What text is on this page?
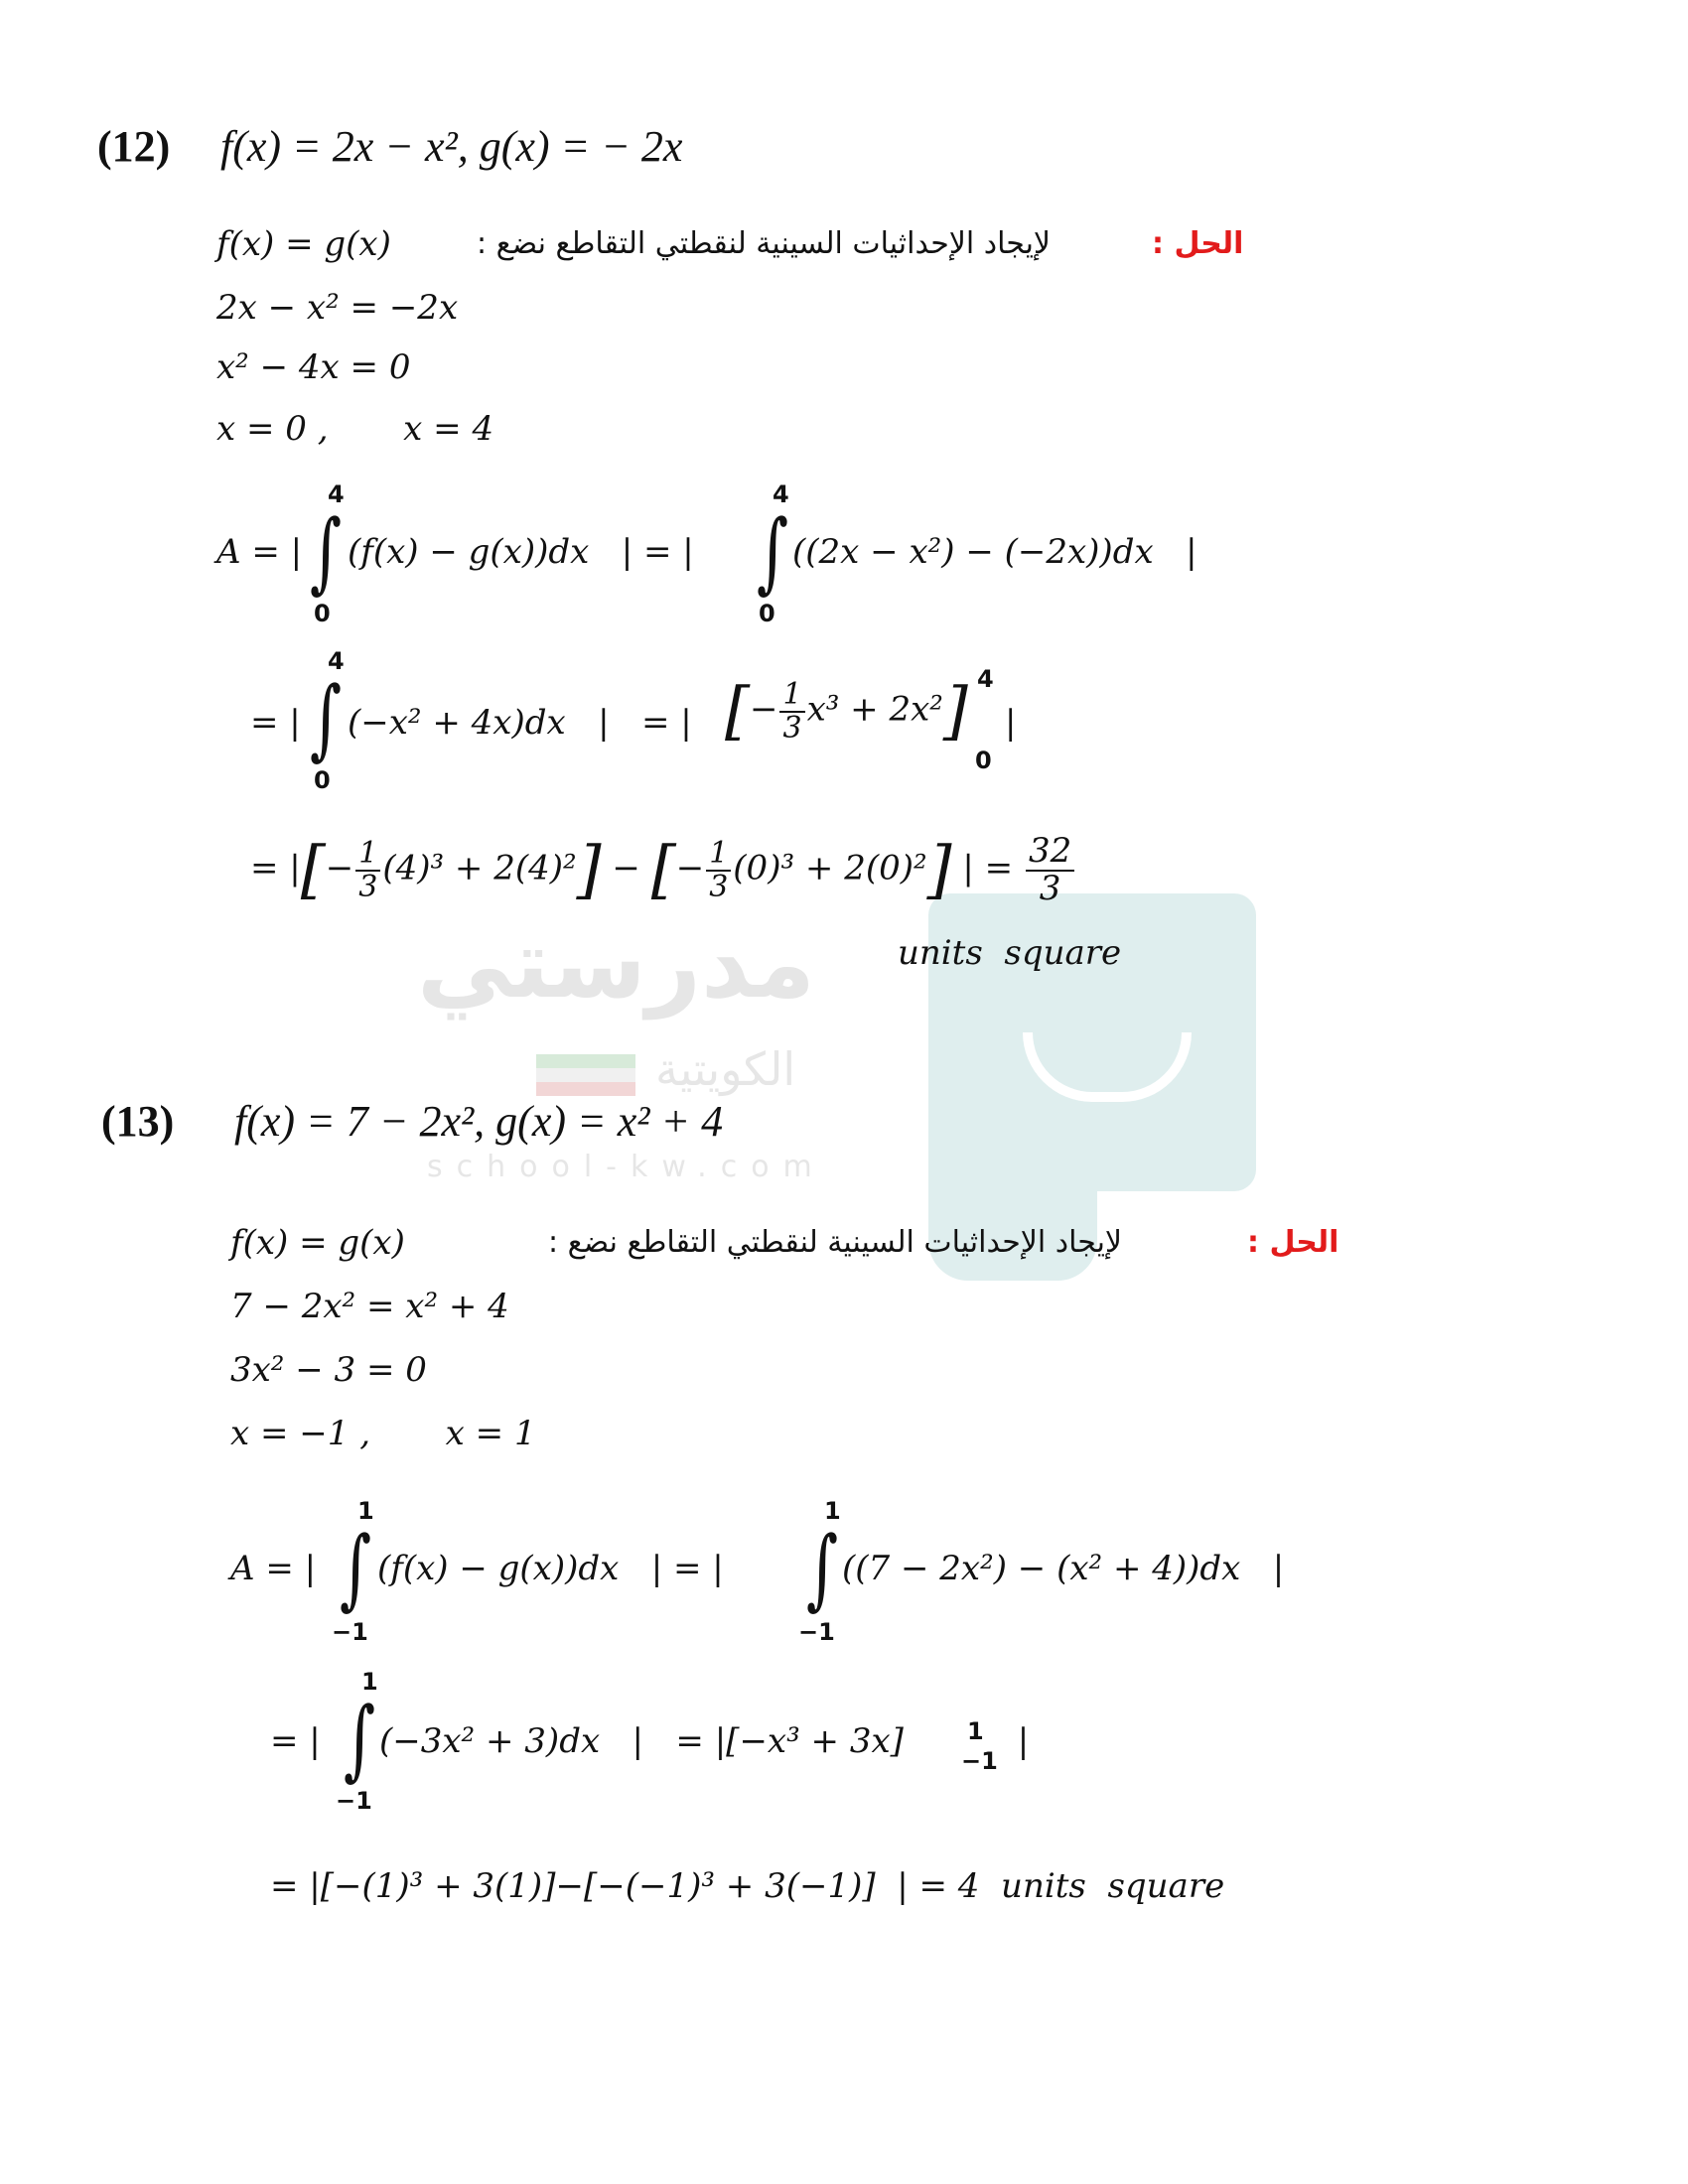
مدرستي
الكويتية
school-kw.com
(12) f(x) = 2x − x², g(x) = − 2x
f(x) = g(x)	لإيجاد الإحداثيات السينية لنقطتي التقاطع نضع :	الحل :
2x − x² = −2x
x² − 4x = 0
x = 0 ,       x = 4
A = |
4
∫
0
(f(x) − g(x))dx   | = |
4
∫
0
((2x − x²) − (−2x))dx   |
= |
4
∫
0
(−x² + 4x)dx   |   = | [− $\frac{1}{3} x^3 + 2x^2$] 4
0
|
= |[− $\frac{1}{3} (4)^3 + 2(4)^2$] − [− $\frac{1}{3} (0)^3 + 2(0)^2$] | = $\frac{32}{3}$
units  square
(13) f(x) = 7 − 2x², g(x) = x² + 4
f(x) = g(x)	لإيجاد الإحداثيات السينية لنقطتي التقاطع نضع :	الحل :
7 − 2x² = x² + 4
3x² − 3 = 0
x = −1 ,       x = 1
A = |
1
∫
−1
(f(x) − g(x))dx   | = |
1
∫
−1
((7 − 2x²) − (x² + 4))dx   |
= |
1
∫
−1
(−3x² + 3)dx   |   = |[−x³ + 3x]	1
−1 |
= |[−(1)³ + 3(1)]−[−(−1)³ + 3(−1)]  | = 4  units  square
